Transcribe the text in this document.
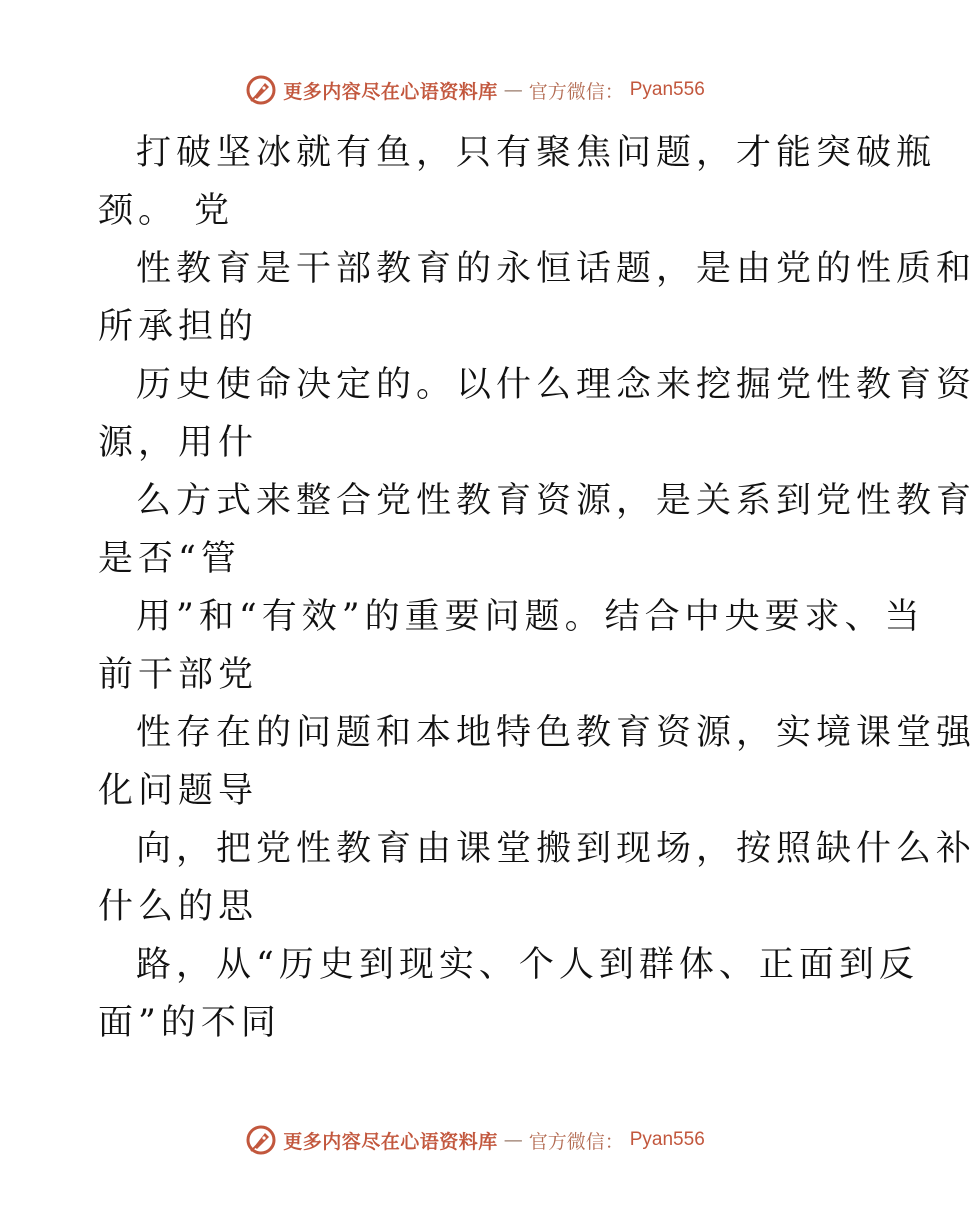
更多内容尽在心语资料库 — 官方微信： Pyan556
打破坚冰就有鱼，只有聚焦问题，才能突破瓶
颈。 党
性教育是干部教育的永恒话题，是由党的性质和
所承担的
历史使命决定的。以什么理念来挖掘党性教育资
源，用什
么方式来整合党性教育资源，是关系到党性教育
是否“管
用”和“有效”的重要问题。结合中央要求、当
前干部党
性存在的问题和本地特色教育资源，实境课堂强
化问题导
向，把党性教育由课堂搬到现场，按照缺什么补
什么的思
路，从“历史到现实、个人到群体、正面到反
面”的不同
更多内容尽在心语资料库 — 官方微信： Pyan556
